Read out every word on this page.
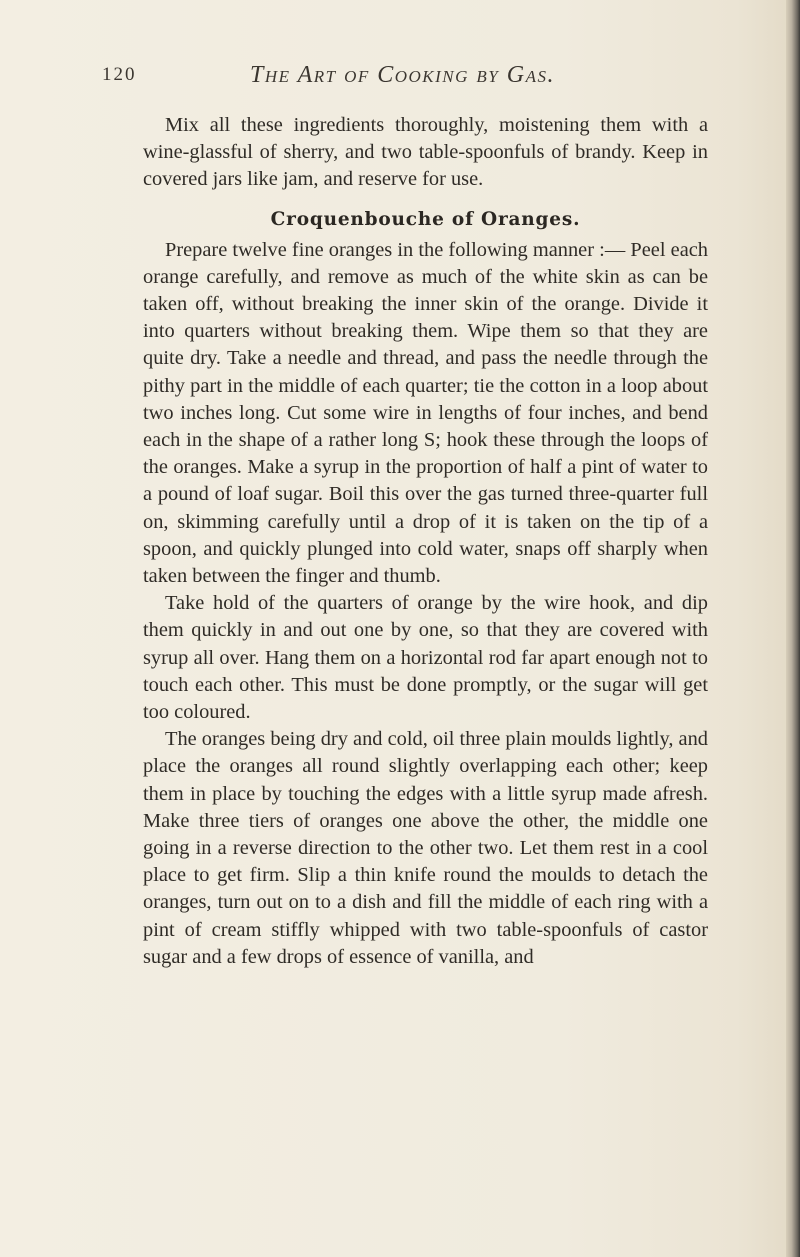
120	The Art of Cooking by Gas.

Mix all these ingredients thoroughly, moistening them with a wine-glassful of sherry, and two table-spoonfuls of brandy. Keep in covered jars like jam, and reserve for use.

Croquenbouche of Oranges.

Prepare twelve fine oranges in the following manner :— Peel each orange carefully, and remove as much of the white skin as can be taken off, without breaking the inner skin of the orange. Divide it into quarters without breaking them. Wipe them so that they are quite dry. Take a needle and thread, and pass the needle through the pithy part in the middle of each quarter; tie the cotton in a loop about two inches long. Cut some wire in lengths of four inches, and bend each in the shape of a rather long S; hook these through the loops of the oranges. Make a syrup in the proportion of half a pint of water to a pound of loaf sugar. Boil this over the gas turned three-quarter full on, skimming carefully until a drop of it is taken on the tip of a spoon, and quickly plunged into cold water, snaps off sharply when taken between the finger and thumb.

Take hold of the quarters of orange by the wire hook, and dip them quickly in and out one by one, so that they are covered with syrup all over. Hang them on a horizontal rod far apart enough not to touch each other. This must be done promptly, or the sugar will get too coloured.

The oranges being dry and cold, oil three plain moulds lightly, and place the oranges all round slightly overlapping each other; keep them in place by touching the edges with a little syrup made afresh. Make three tiers of oranges one above the other, the middle one going in a reverse direction to the other two. Let them rest in a cool place to get firm. Slip a thin knife round the moulds to detach the oranges, turn out on to a dish and fill the middle of each ring with a pint of cream stiffly whipped with two table-spoonfuls of castor sugar and a few drops of essence of vanilla, and
